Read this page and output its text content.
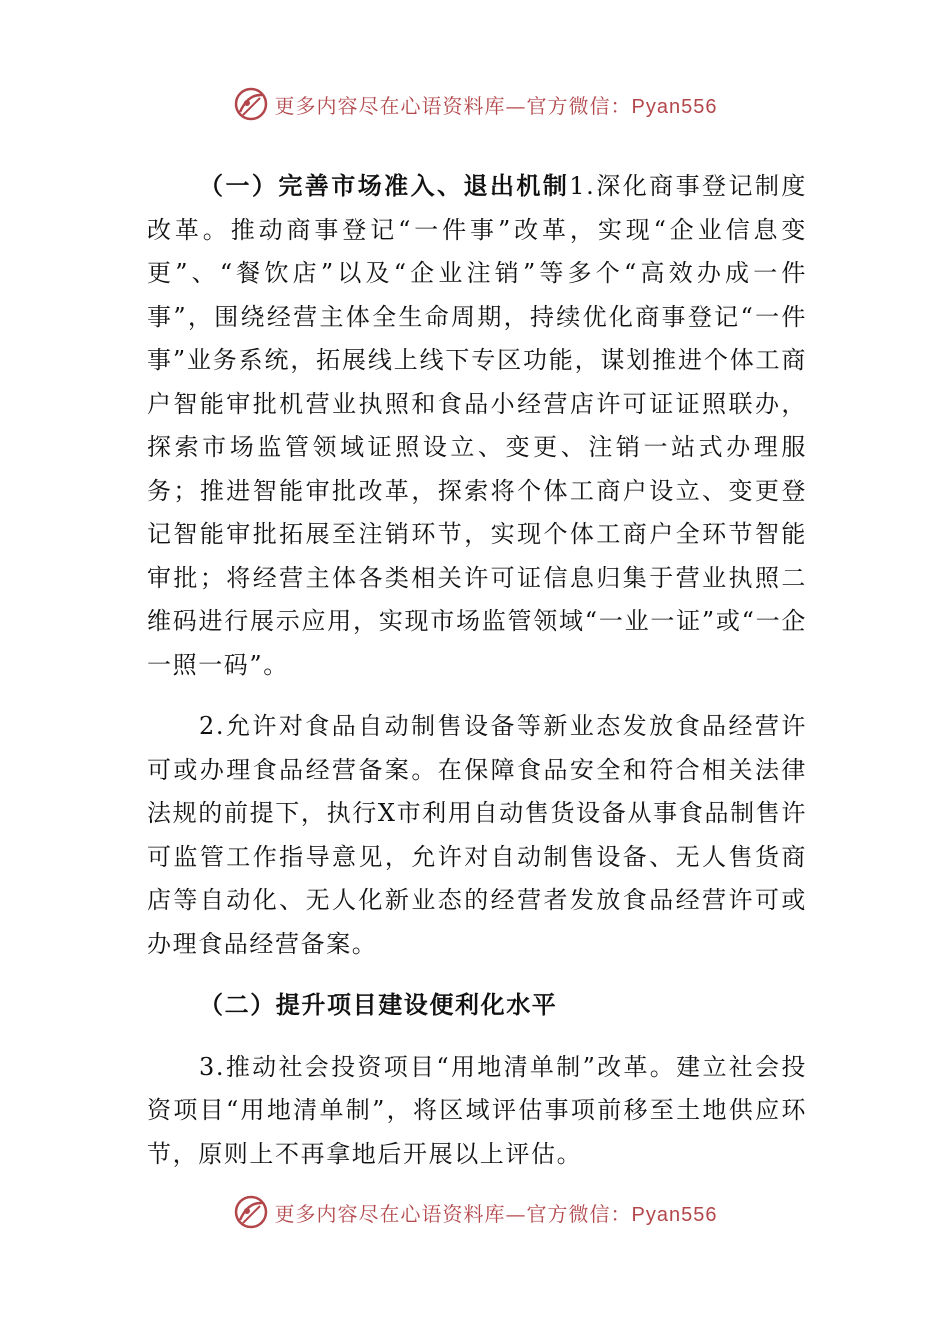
更多内容尽在心语资料库—官方微信：Pyan556

（一）完善市场准入、退出机制1.深化商事登记制度改革。推动商事登记“一件事”改革，实现“企业信息变更”、“餐饮店”以及“企业注销”等多个“高效办成一件事”，围绕经营主体全生命周期，持续优化商事登记“一件事”业务系统，拓展线上线下专区功能，谋划推进个体工商户智能审批机营业执照和食品小经营店许可证证照联办，探索市场监管领域证照设立、变更、注销一站式办理服务；推进智能审批改革，探索将个体工商户设立、变更登记智能审批拓展至注销环节，实现个体工商户全环节智能审批；将经营主体各类相关许可证信息归集于营业执照二维码进行展示应用，实现市场监管领域“一业一证”或“一企一照一码”。

2.允许对食品自动制售设备等新业态发放食品经营许可或办理食品经营备案。在保障食品安全和符合相关法律法规的前提下，执行X市利用自动售货设备从事食品制售许可监管工作指导意见，允许对自动制售设备、无人售货商店等自动化、无人化新业态的经营者发放食品经营许可或办理食品经营备案。

（二）提升项目建设便利化水平

3.推动社会投资项目“用地清单制”改革。建立社会投资项目“用地清单制”，将区域评估事项前移至土地供应环节，原则上不再拿地后开展以上评估。

更多内容尽在心语资料库—官方微信：Pyan556
